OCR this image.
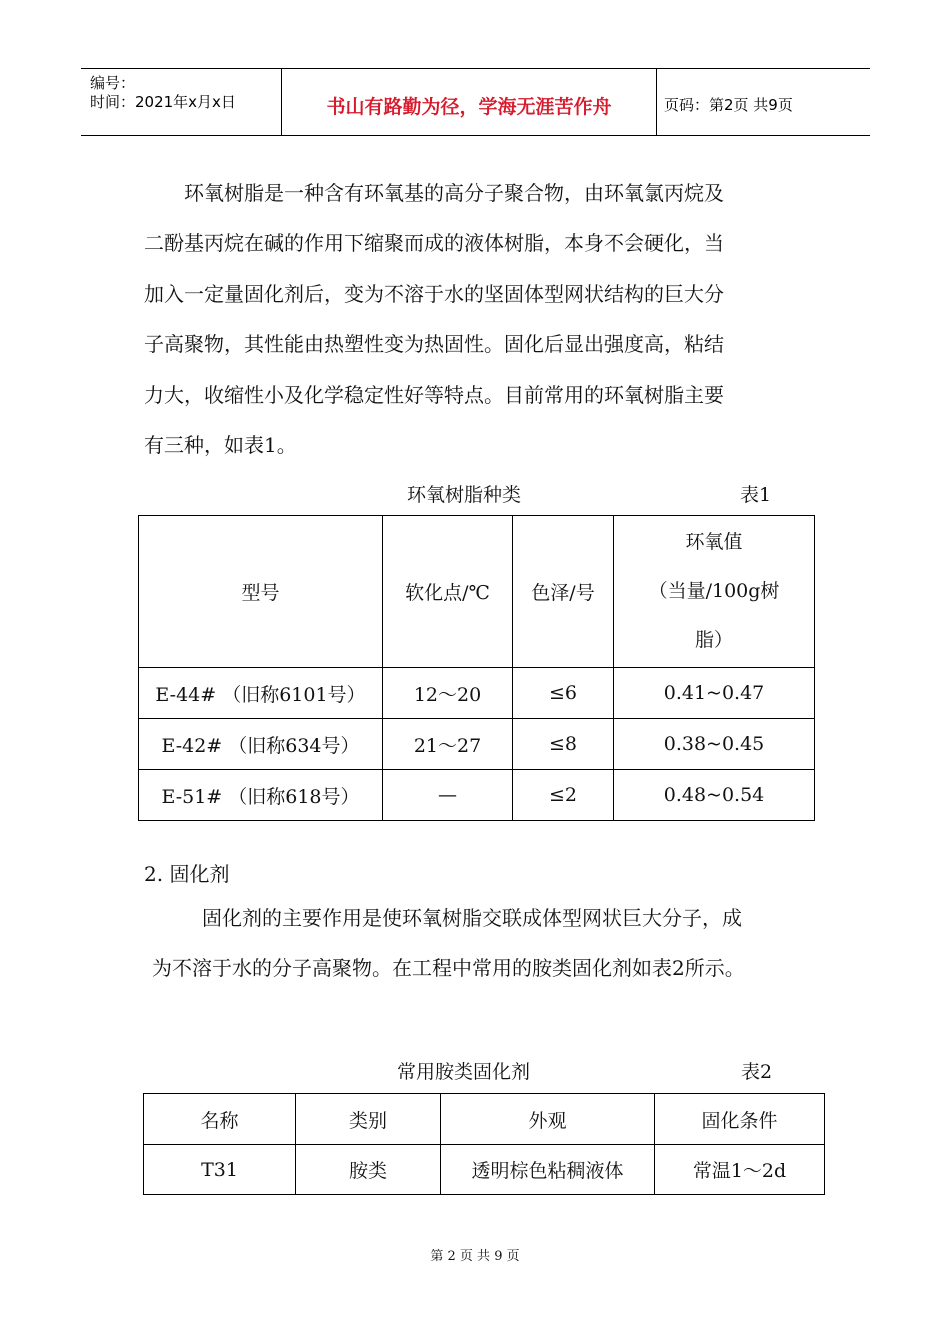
编号：
时间：2021年x月x日	书山有路勤为径，学海无涯苦作舟	页码：第2页 共9页
环氧树脂是一种含有环氧基的高分子聚合物，由环氧氯丙烷及
二酚基丙烷在碱的作用下缩聚而成的液体树脂，本身不会硬化，当
加入一定量固化剂后，变为不溶于水的坚固体型网状结构的巨大分
子高聚物，其性能由热塑性变为热固性。固化后显出强度高，粘结
力大，收缩性小及化学稳定性好等特点。目前常用的环氧树脂主要
有三种，如表1。
环氧树脂种类	表1
型号	软化点/℃	色泽/号	环氧值
（当量/100g树
脂）

E-44# （旧称6101号）	12～20	≤6	0.41~0.47
E-42# （旧称634号）	21～27	≤8	0.38~0.45
E-51# （旧称618号）	—	≤2	0.48~0.54
2. 固化剂
固化剂的主要作用是使环氧树脂交联成体型网状巨大分子，成
为不溶于水的分子高聚物。在工程中常用的胺类固化剂如表2所示。
常用胺类固化剂	表2
名称	类别	外观	固化条件
T31	胺类	透明棕色粘稠液体	常温1～2d
第 2 页 共 9 页
